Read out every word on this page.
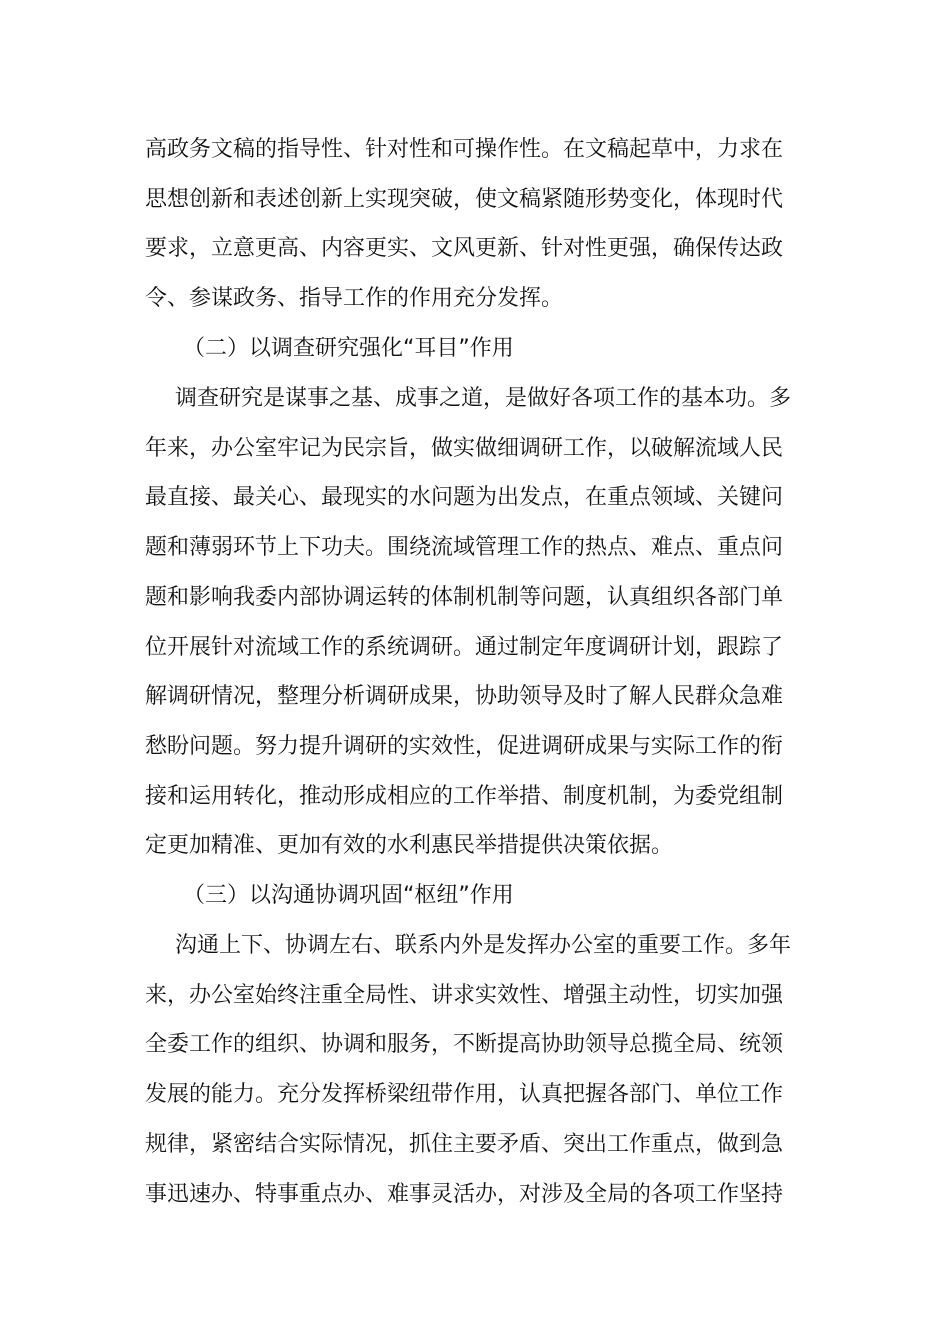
高政务文稿的指导性、针对性和可操作性。在文稿起草中，力求在
思想创新和表述创新上实现突破，使文稿紧随形势变化，体现时代
要求，立意更高、内容更实、文风更新、针对性更强，确保传达政
令、参谋政务、指导工作的作用充分发挥。
（二）以调查研究强化“耳目”作用
调查研究是谋事之基、成事之道，是做好各项工作的基本功。多
年来，办公室牢记为民宗旨，做实做细调研工作，以破解流域人民
最直接、最关心、最现实的水问题为出发点，在重点领域、关键问
题和薄弱环节上下功夫。围绕流域管理工作的热点、难点、重点问
题和影响我委内部协调运转的体制机制等问题，认真组织各部门单
位开展针对流域工作的系统调研。通过制定年度调研计划，跟踪了
解调研情况，整理分析调研成果，协助领导及时了解人民群众急难
愁盼问题。努力提升调研的实效性，促进调研成果与实际工作的衔
接和运用转化，推动形成相应的工作举措、制度机制，为委党组制
定更加精准、更加有效的水利惠民举措提供决策依据。
（三）以沟通协调巩固“枢纽”作用
沟通上下、协调左右、联系内外是发挥办公室的重要工作。多年
来，办公室始终注重全局性、讲求实效性、增强主动性，切实加强
全委工作的组织、协调和服务，不断提高协助领导总揽全局、统领
发展的能力。充分发挥桥梁纽带作用，认真把握各部门、单位工作
规律，紧密结合实际情况，抓住主要矛盾、突出工作重点，做到急
事迅速办、特事重点办、难事灵活办，对涉及全局的各项工作坚持
